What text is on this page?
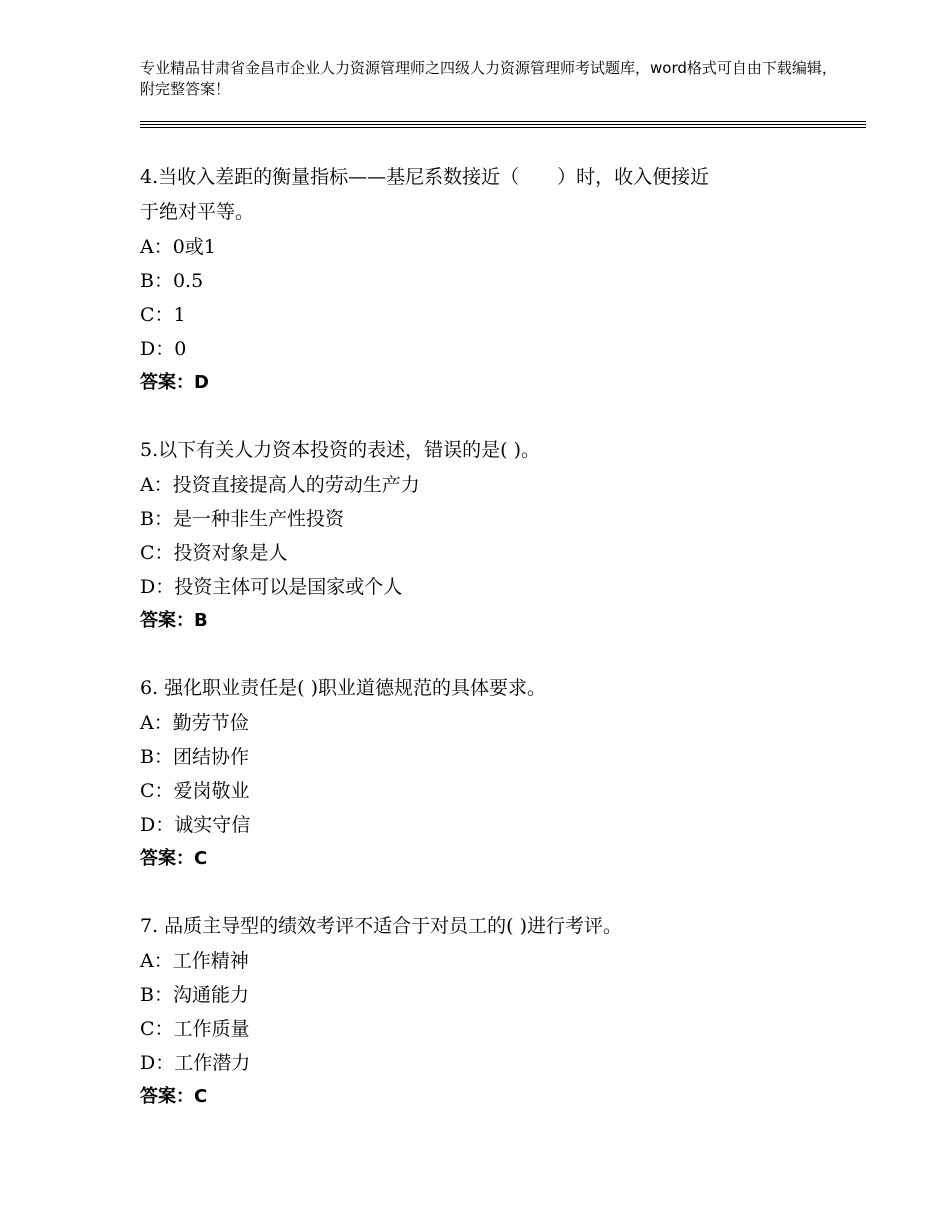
专业精品甘肃省金昌市企业人力资源管理师之四级人力资源管理师考试题库，word格式可自由下载编辑，附完整答案！

4.当收入差距的衡量指标——基尼系数接近（　　）时，收入便接近

于绝对平等。

A：0或1

B：0.5

C：1

D：0

答案：D

5.以下有关人力资本投资的表述，错误的是( )。

A：投资直接提高人的劳动生产力

B：是一种非生产性投资

C：投资对象是人

D：投资主体可以是国家或个人

答案：B

6. 强化职业责任是( )职业道德规范的具体要求。

A：勤劳节俭

B：团结协作

C：爱岗敬业

D：诚实守信

答案：C

7. 品质主导型的绩效考评不适合于对员工的( )进行考评。

A：工作精神

B：沟通能力

C：工作质量

D：工作潜力

答案：C
